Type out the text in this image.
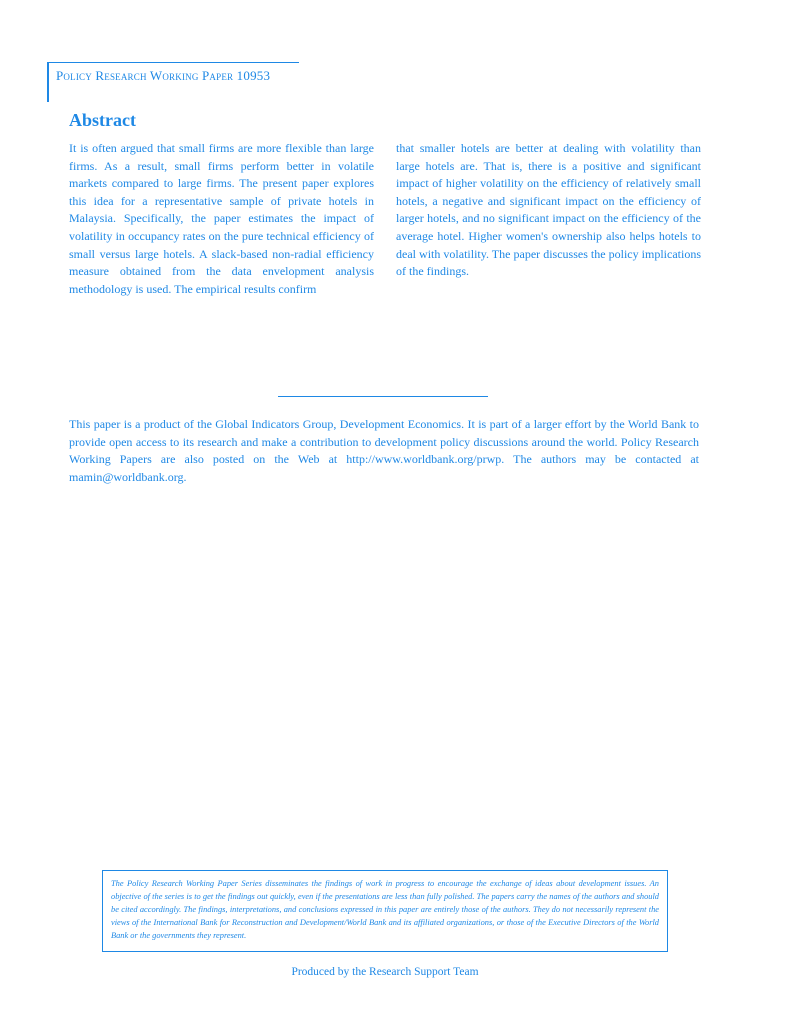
Policy Research Working Paper 10953
Abstract
It is often argued that small firms are more flexible than large firms. As a result, small firms perform better in volatile markets compared to large firms. The present paper explores this idea for a representative sample of private hotels in Malaysia. Specifically, the paper estimates the impact of volatility in occupancy rates on the pure technical efficiency of small versus large hotels. A slack-based non-radial efficiency measure obtained from the data envelopment analysis methodology is used. The empirical results confirm
that smaller hotels are better at dealing with volatility than large hotels are. That is, there is a positive and significant impact of higher volatility on the efficiency of relatively small hotels, a negative and significant impact on the efficiency of larger hotels, and no significant impact on the efficiency of the average hotel. Higher women's ownership also helps hotels to deal with volatility. The paper discusses the policy implications of the findings.
This paper is a product of the Global Indicators Group, Development Economics. It is part of a larger effort by the World Bank to provide open access to its research and make a contribution to development policy discussions around the world. Policy Research Working Papers are also posted on the Web at http://www.worldbank.org/prwp. The authors may be contacted at mamin@worldbank.org.
The Policy Research Working Paper Series disseminates the findings of work in progress to encourage the exchange of ideas about development issues. An objective of the series is to get the findings out quickly, even if the presentations are less than fully polished. The papers carry the names of the authors and should be cited accordingly. The findings, interpretations, and conclusions expressed in this paper are entirely those of the authors. They do not necessarily represent the views of the International Bank for Reconstruction and Development/World Bank and its affiliated organizations, or those of the Executive Directors of the World Bank or the governments they represent.
Produced by the Research Support Team
